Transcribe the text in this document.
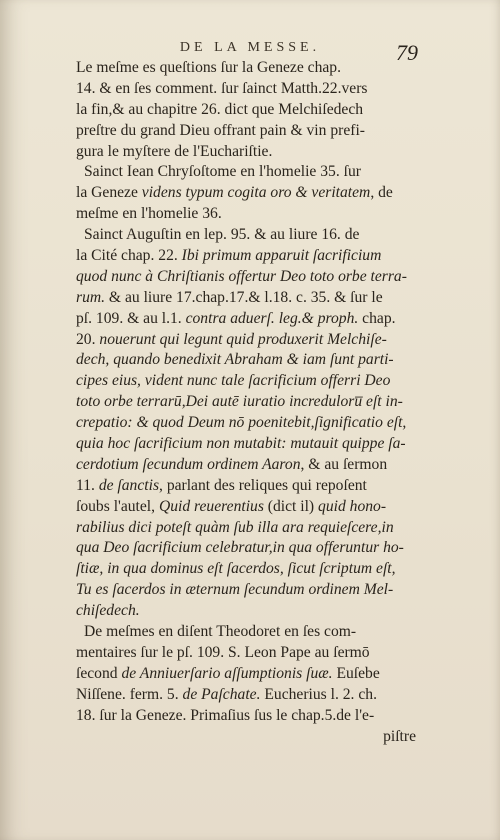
DE LA MESSE.	79
Le meſme es queſtions ſur la Geneze chap.
14. & en ſes comment. ſur ſainct Matth.22.vers
la fin,& au chapitre 26. dict que Melchiſedech
preſtre du grand Dieu offrant pain & vin prefi-
gura le myſtere de l'Euchariſtie.
Sainct Iean Chryſoſtome en l'homelie 35. ſur
la Geneze videns typum cogita oro & veritatem, de
meſme en l'homelie 36.
Sainct Auguſtin en lep. 95. & au liure 16. de
la Cité chap. 22. Ibi primum apparuit ſacrificium
quod nunc à Chriſtianis offertur Deo toto orbe terra-
rum. & au liure 17.chap.17.& l.18. c. 35. & ſur le
pſ. 109. & au l.1. contra aduerſ. leg.& proph. chap.
20. nouerunt qui legunt quid produxerit Melchiſe-
dech, quando benedixit Abraham & iam ſunt parti-
cipes eius, vident nunc tale ſacrificium offerri Deo
toto orbe terrarū,Dei autē iuratio increduloru̅ eſt in-
crepatio: & quod Deum nō poenitebit,ſignificatio eſt,
quia hoc ſacrificium non mutabit: mutauit quippe ſa-
cerdotium ſecundum ordinem Aaron, & au ſermon
11. de ſanctis, parlant des reliques qui repoſent
ſoubs l'autel, Quid reuerentius (dict il) quid hono-
rabilius dici poteſt quàm ſub illa ara requieſcere,in
qua Deo ſacrificium celebratur,in qua offeruntur ho-
ſtiæ, in qua dominus eſt ſacerdos, ſicut ſcriptum eſt,
Tu es ſacerdos in æternum ſecundum ordinem Mel-
chiſedech.
De meſmes en diſent Theodoret en ſes com-
mentaires ſur le pſ. 109. S. Leon Pape au ſermō
ſecond de Anniuerſario aſſumptionis ſuæ. Euſebe
Niſſene. ferm. 5. de Paſchate. Eucherius l. 2. ch.
18. ſur la Geneze. Primaſius ſus le chap.5.de l'e-
piſtre
